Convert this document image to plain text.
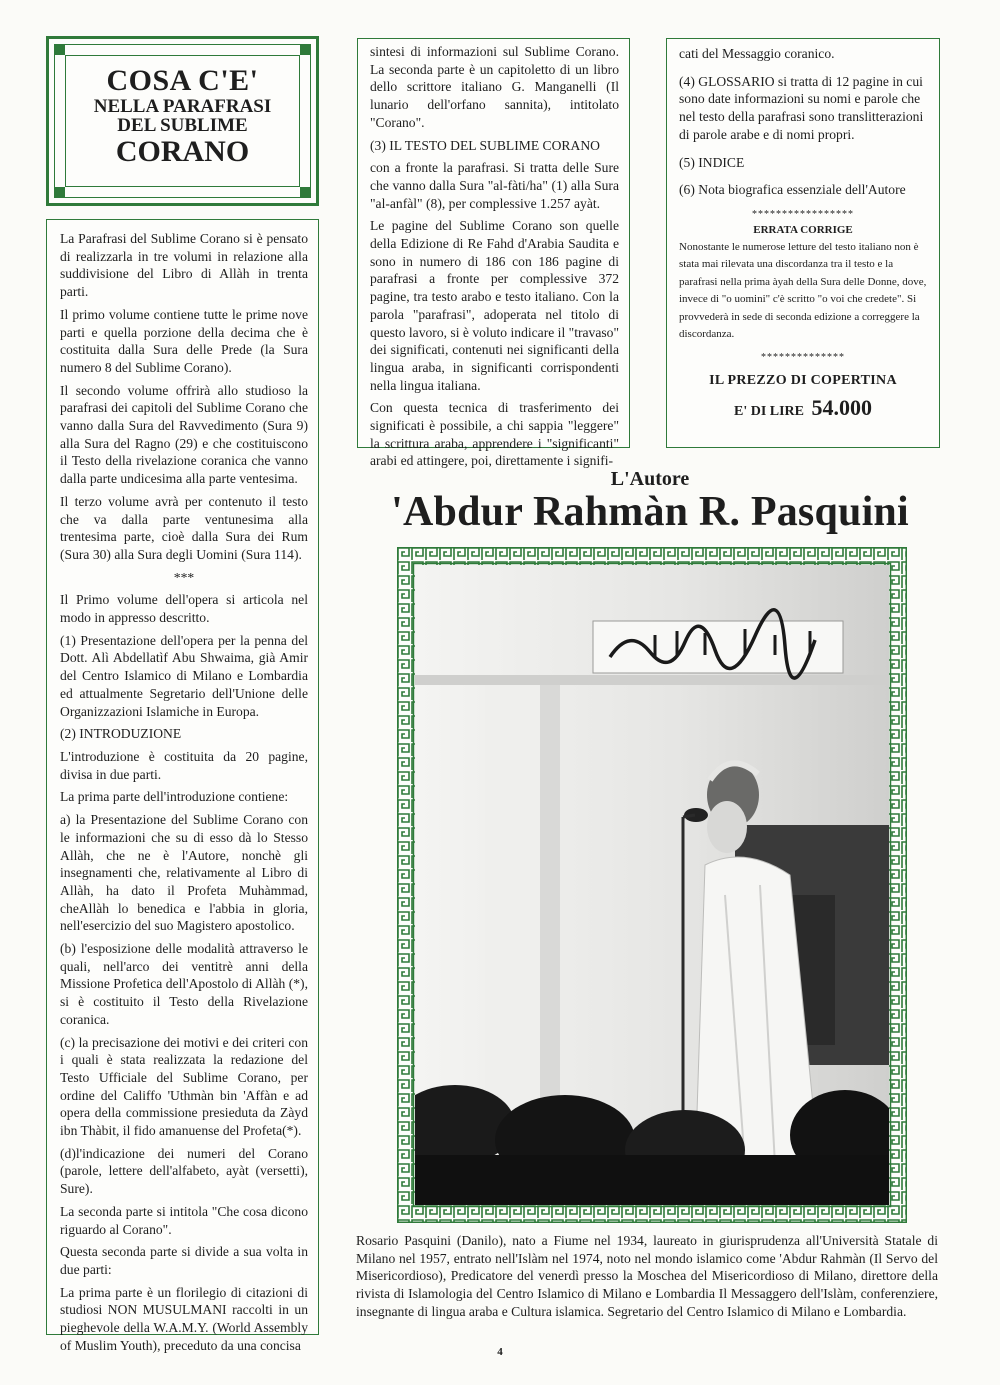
COSA C'E'
NELLA PARAFRASI
DEL SUBLIME
CORANO

La Parafrasi del Sublime Corano si è pensato di realizzarla in tre volumi in relazione alla suddivisione del Libro di Allàh in trenta parti.

Il primo volume contiene tutte le prime nove parti e quella porzione della decima che è costituita dalla Sura delle Prede (la Sura numero 8 del Sublime Corano).

Il secondo volume offrirà allo studioso la parafrasi dei capitoli del Sublime Corano che vanno dalla Sura del Ravvedimento (Sura 9) alla Sura del Ragno (29) e che costituiscono il Testo della rivelazione coranica che vanno dalla parte undicesima alla parte ventesima.

Il terzo volume avrà per contenuto il testo che va dalla parte ventunesima alla trentesima parte, cioè dalla Sura dei Rum (Sura 30) alla Sura degli Uomini (Sura 114).

***

Il Primo volume dell'opera si articola nel modo in appresso descritto.

(1) Presentazione dell'opera per la penna del Dott. Alì Abdellatìf Abu Shwaima, già Amir del Centro Islamico di Milano e Lombardia ed attualmente Segretario dell'Unione delle Organizzazioni Islamiche in Europa.

(2) INTRODUZIONE

L'introduzione è costituita da 20 pagine, divisa in due parti.

La prima parte dell'introduzione contiene:

a) la Presentazione del Sublime Corano con le informazioni che su di esso dà lo Stesso Allàh, che ne è l'Autore, nonchè gli insegnamenti che, relativamente al Libro di Allàh, ha dato il Profeta Muhàmmad, cheAllàh lo benedica e l'abbia in gloria, nell'esercizio del suo Magistero apostolico.

(b) l'esposizione delle modalità attraverso le quali, nell'arco dei ventitrè anni della Missione Profetica dell'Apostolo di Allàh (*), si è costituito il Testo della Rivelazione coranica.

(c) la precisazione dei motivi e dei criteri con i quali è stata realizzata la redazione del Testo Ufficiale del Sublime Corano, per ordine del Califfo 'Uthmàn bin 'Affàn e ad opera della commissione presieduta da Zàyd ibn Thàbit, il fido amanuense del Profeta(*).

(d)l'indicazione dei numeri del Corano (parole, lettere dell'alfabeto, ayàt (versetti), Sure).

La seconda parte si intitola "Che cosa dicono riguardo al Corano".

Questa seconda parte si divide a sua volta in due parti:

La prima parte è un florilegio di citazioni di studiosi NON MUSULMANI raccolti in un pieghevole della W.A.M.Y. (World Assembly of Muslim Youth), preceduto da una concisa

sintesi di informazioni sul Sublime Corano. La seconda parte è un capitoletto di un libro dello scrittore italiano G. Manganelli (Il lunario dell'orfano sannita), intitolato "Corano".

(3) IL TESTO DEL SUBLIME CORANO

con a fronte la parafrasi. Si tratta delle Sure che vanno dalla Sura "al-fàti/ha" (1) alla Sura "al-anfàl" (8), per complessive 1.257 ayàt.

Le pagine del Sublime Corano son quelle della Edizione di Re Fahd d'Arabia Saudita e sono in numero di 186 con 186 pagine di parafrasi a fronte per complessive 372 pagine, tra testo arabo e testo italiano. Con la parola "parafrasi", adoperata nel titolo di questo lavoro, si è voluto indicare il "travaso" dei significati, contenuti nei significanti della lingua araba, in significanti corrispondenti nella lingua italiana.

Con questa tecnica di trasferimento dei significati è possibile, a chi sappia "leggere" la scrittura araba, apprendere i "significanti" arabi ed attingere, poi, direttamente i signifi-

cati del Messaggio coranico.

(4) GLOSSARIO si tratta di 12 pagine in cui sono date informazioni su nomi e parole che nel testo della parafrasi sono translitterazioni di parole arabe e di nomi propri.

(5) INDICE

(6) Nota biografica essenziale dell'Autore

*****************
ERRATA CORRIGE
Nonostante le numerose letture del testo italiano non è stata mai rilevata una discordanza tra il testo e la parafrasi nella prima àyah della Sura delle Donne, dove, invece di "o uomini" c'è scritto "o voi che credete". Si provvederà in sede di seconda edizione a correggere la discordanza.
**************
IL PREZZO DI COPERTINA
E' DI LIRE 54.000
L'Autore
'Abdur Rahmàn R. Pasquini
Rosario Pasquini (Danilo), nato a Fiume nel 1934, laureato in giurisprudenza all'Università Statale di Milano nel 1957, entrato nell'Islàm nel 1974, noto nel mondo islamico come 'Abdur Rahmàn (Il Servo del Misericordioso), Predicatore del venerdì presso la Moschea del Misericordioso di Milano, direttore della rivista di Islamologia del Centro Islamico di Milano e Lombardia Il Messaggero dell'Islàm, conferenziere, insegnante di lingua araba e Cultura islamica. Segretario del Centro Islamico di Milano e Lombardia.
4
